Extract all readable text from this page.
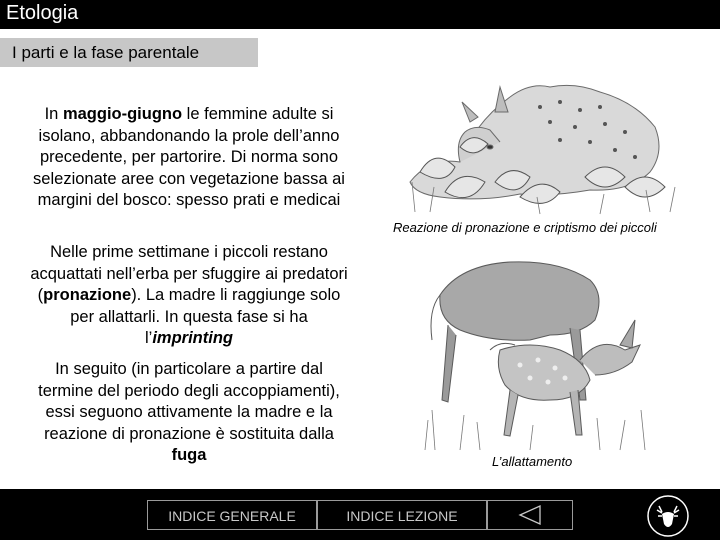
Etologia
I parti e la fase parentale
In maggio-giugno le femmine adulte si isolano, abbandonando la prole dell’anno precedente, per partorire. Di norma sono selezionate aree con vegetazione bassa ai margini del bosco: spesso prati e medicai
Nelle prime settimane i piccoli restano acquattati nell’erba per sfuggire ai predatori (pronazione). La madre li raggiunge solo per allattarli. In questa fase si ha l’imprinting
In seguito (in particolare a partire dal termine del periodo degli accoppiamenti), essi seguono attivamente la madre e la reazione di pronazione è sostituita dalla fuga
Reazione di pronazione e criptismo dei piccoli
L’allattamento
INDICE GENERALE	INDICE LEZIONE
